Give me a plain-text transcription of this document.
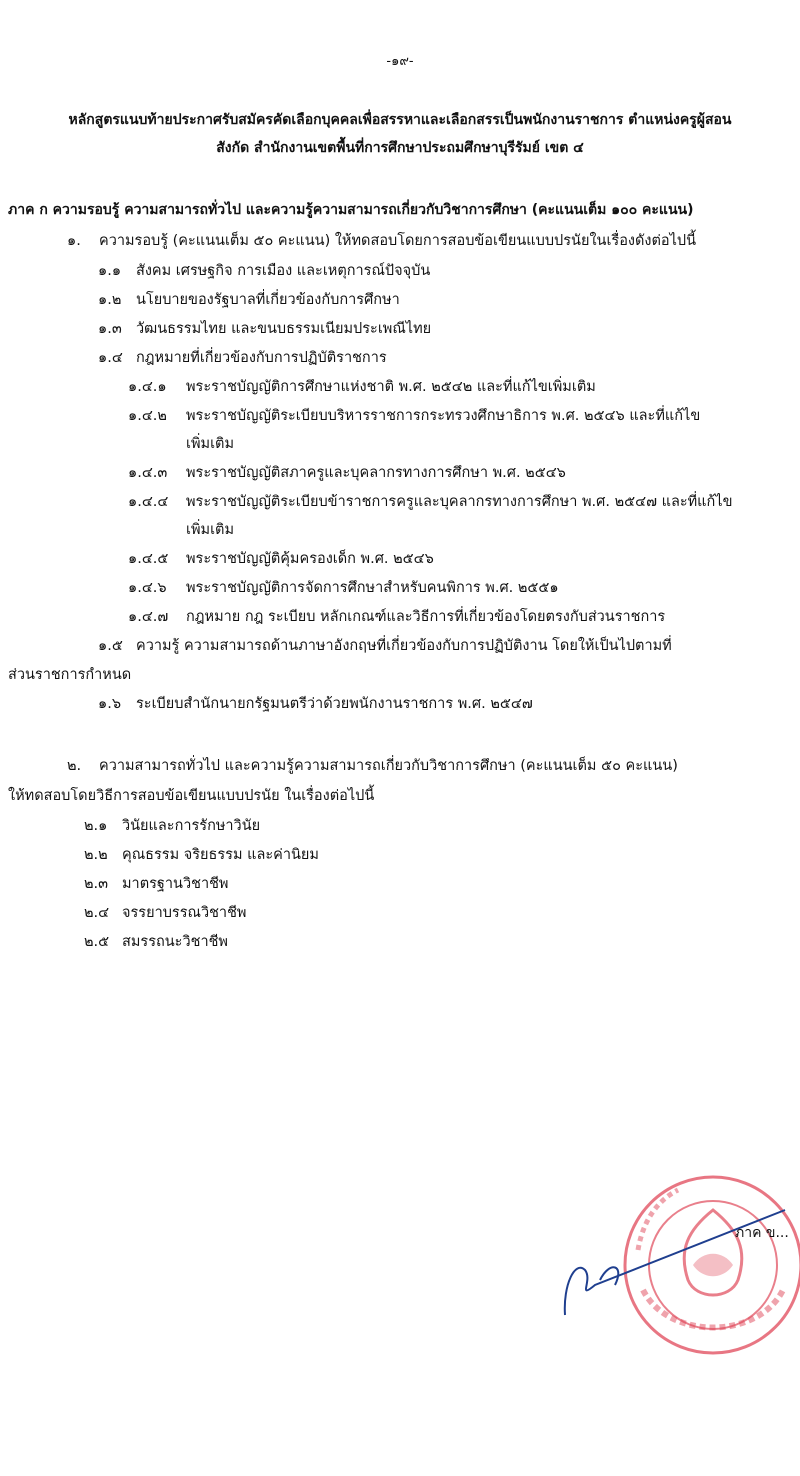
-๑๙-
หลักสูตรแนบท้ายประกาศรับสมัครคัดเลือกบุคคลเพื่อสรรหาและเลือกสรรเป็นพนักงานราชการ ตำแหน่งครูผู้สอน
สังกัด สำนักงานเขตพื้นที่การศึกษาประถมศึกษาบุรีรัมย์ เขต ๔
ภาค ก ความรอบรู้ ความสามารถทั่วไป และความรู้ความสามารถเกี่ยวกับวิชาการศึกษา (คะแนนเต็ม ๑๐๐ คะแนน)
๑. ความรอบรู้ (คะแนนเต็ม ๕๐ คะแนน) ให้ทดสอบโดยการสอบข้อเขียนแบบปรนัยในเรื่องดังต่อไปนี้
๑.๑ สังคม เศรษฐกิจ การเมือง และเหตุการณ์ปัจจุบัน
๑.๒ นโยบายของรัฐบาลที่เกี่ยวข้องกับการศึกษา
๑.๓ วัฒนธรรมไทย และขนบธรรมเนียมประเพณีไทย
๑.๔ กฎหมายที่เกี่ยวข้องกับการปฏิบัติราชการ
๑.๔.๑ พระราชบัญญัติการศึกษาแห่งชาติ พ.ศ. ๒๕๔๒ และที่แก้ไขเพิ่มเติม
๑.๔.๒ พระราชบัญญัติระเบียบบริหารราชการกระทรวงศึกษาธิการ พ.ศ. ๒๕๔๖ และที่แก้ไข
เพิ่มเติม
๑.๔.๓ พระราชบัญญัติสภาครูและบุคลากรทางการศึกษา พ.ศ. ๒๕๔๖
๑.๔.๔ พระราชบัญญัติระเบียบข้าราชการครูและบุคลากรทางการศึกษา พ.ศ. ๒๕๔๗ และที่แก้ไข
เพิ่มเติม
๑.๔.๕ พระราชบัญญัติคุ้มครองเด็ก พ.ศ. ๒๕๔๖
๑.๔.๖ พระราชบัญญัติการจัดการศึกษาสำหรับคนพิการ พ.ศ. ๒๕๕๑
๑.๔.๗ กฎหมาย กฎ ระเบียบ หลักเกณฑ์และวิธีการที่เกี่ยวข้องโดยตรงกับส่วนราชการ
๑.๕ ความรู้ ความสามารถด้านภาษาอังกฤษที่เกี่ยวข้องกับการปฏิบัติงาน โดยให้เป็นไปตามที่
ส่วนราชการกำหนด
๑.๖ ระเบียบสำนักนายกรัฐมนตรีว่าด้วยพนักงานราชการ พ.ศ. ๒๕๔๗
๒. ความสามารถทั่วไป และความรู้ความสามารถเกี่ยวกับวิชาการศึกษา (คะแนนเต็ม ๕๐ คะแนน)
ให้ทดสอบโดยวิธีการสอบข้อเขียนแบบปรนัย ในเรื่องต่อไปนี้
๒.๑ วินัยและการรักษาวินัย
๒.๒ คุณธรรม จริยธรรม และค่านิยม
๒.๓ มาตรฐานวิชาชีพ
๒.๔ จรรยาบรรณวิชาชีพ
๒.๕ สมรรถนะวิชาชีพ
ภาค ข...
